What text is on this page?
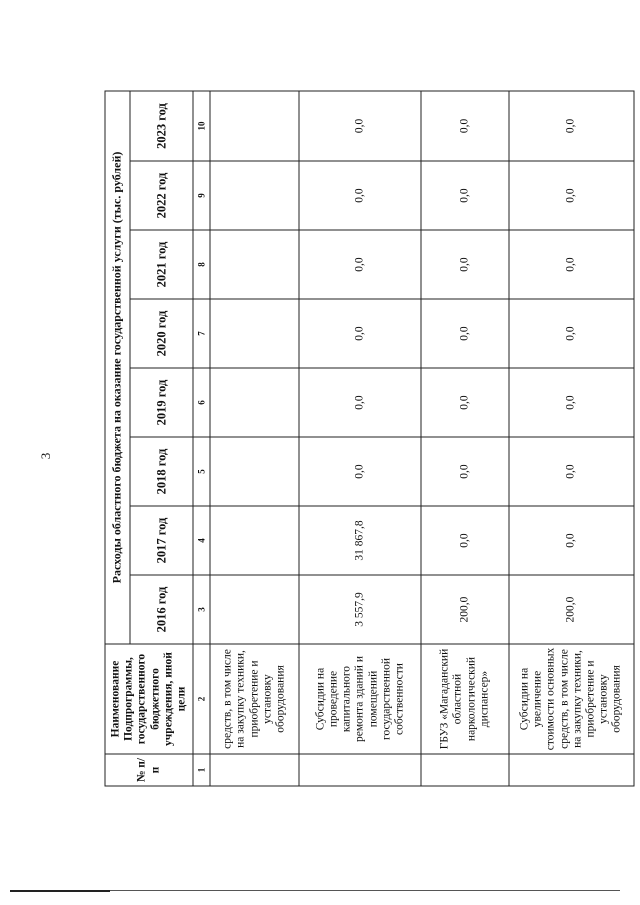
3
№ п/п	Наименование Подпрограммы, государственного бюджетного учреждения, иной цели	Расходы областного бюджета на оказание государственной услуги (тыс. рублей)							
		2016 год	2017 год	2018 год	2019 год	2020 год	2021 год	2022 год	2023 год
1	2	3	4	5	6	7	8	9	10
	средств, в том числе на закупку техники, приобретение и установку оборудования								
	Субсидии на проведение капитального ремонта зданий и помещений государственной собственности	3 557,9	31 867,8	0,0	0,0	0,0	0,0	0,0	0,0
	ГБУЗ «Магаданский областной наркологический диспансер»	200,0	0,0	0,0	0,0	0,0	0,0	0,0	0,0
	Субсидии на увеличение стоимости основных средств, в том числе на закупку техники, приобретение и установку оборудования	200,0	0,0	0,0	0,0	0,0	0,0	0,0	0,0
